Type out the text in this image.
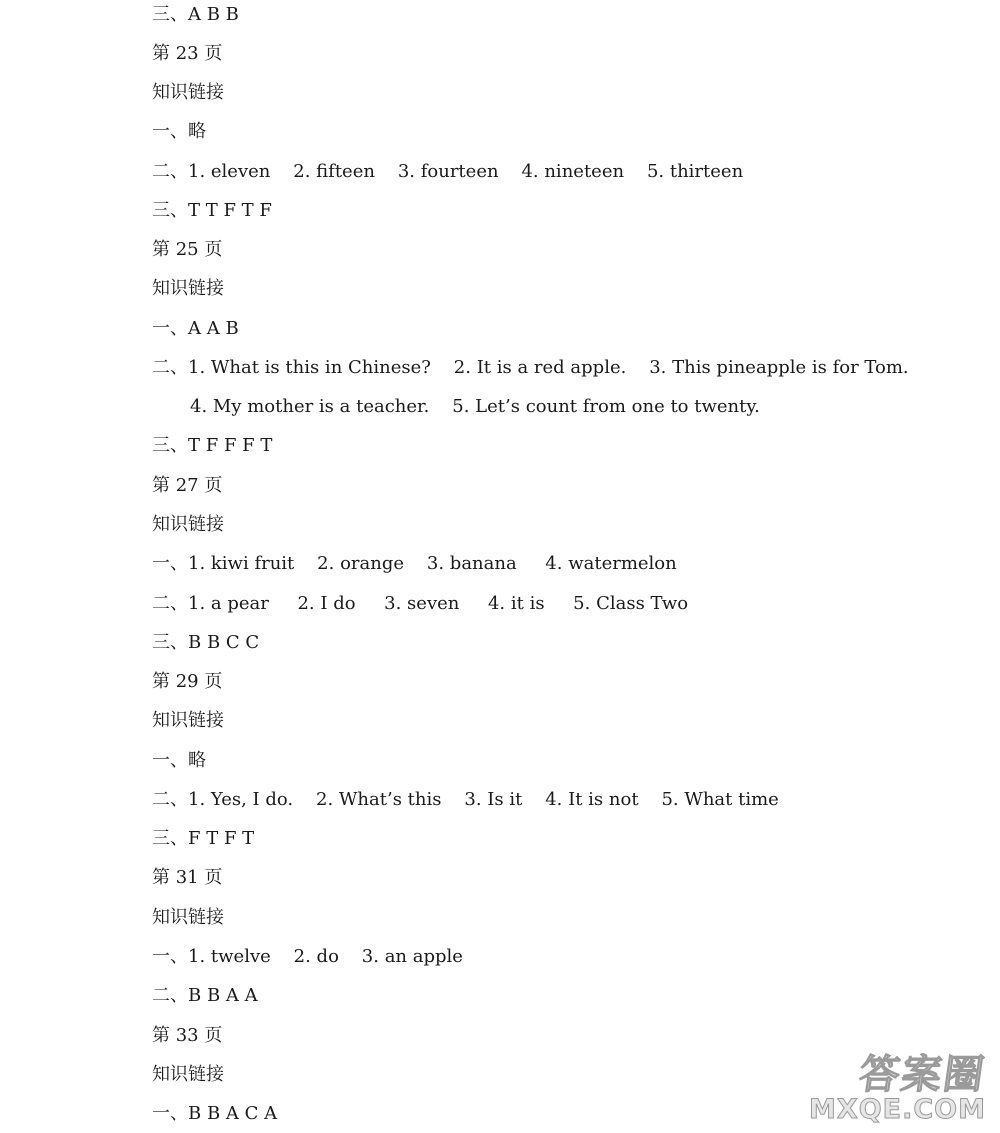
三、A B B
第 23 页
知识链接
一、略
二、1. eleven    2. fifteen    3. fourteen    4. nineteen    5. thirteen
三、T T F T F
第 25 页
知识链接
一、A A B
二、1. What is this in Chinese?    2. It is a red apple.    3. This pineapple is for Tom.
4. My mother is a teacher.    5. Let’s count from one to twenty.
三、T F F F T
第 27 页
知识链接
一、1. kiwi fruit    2. orange    3. banana     4. watermelon
二、1. a pear     2. I do     3. seven     4. it is     5. Class Two
三、B B C C
第 29 页
知识链接
一、略
二、1. Yes, I do.    2. What’s this    3. Is it    4. It is not    5. What time
三、F T F T
第 31 页
知识链接
一、1. twelve    2. do    3. an apple
二、B B A A
第 33 页
知识链接
一、B B A C A
答案圈
MXQE.COM
